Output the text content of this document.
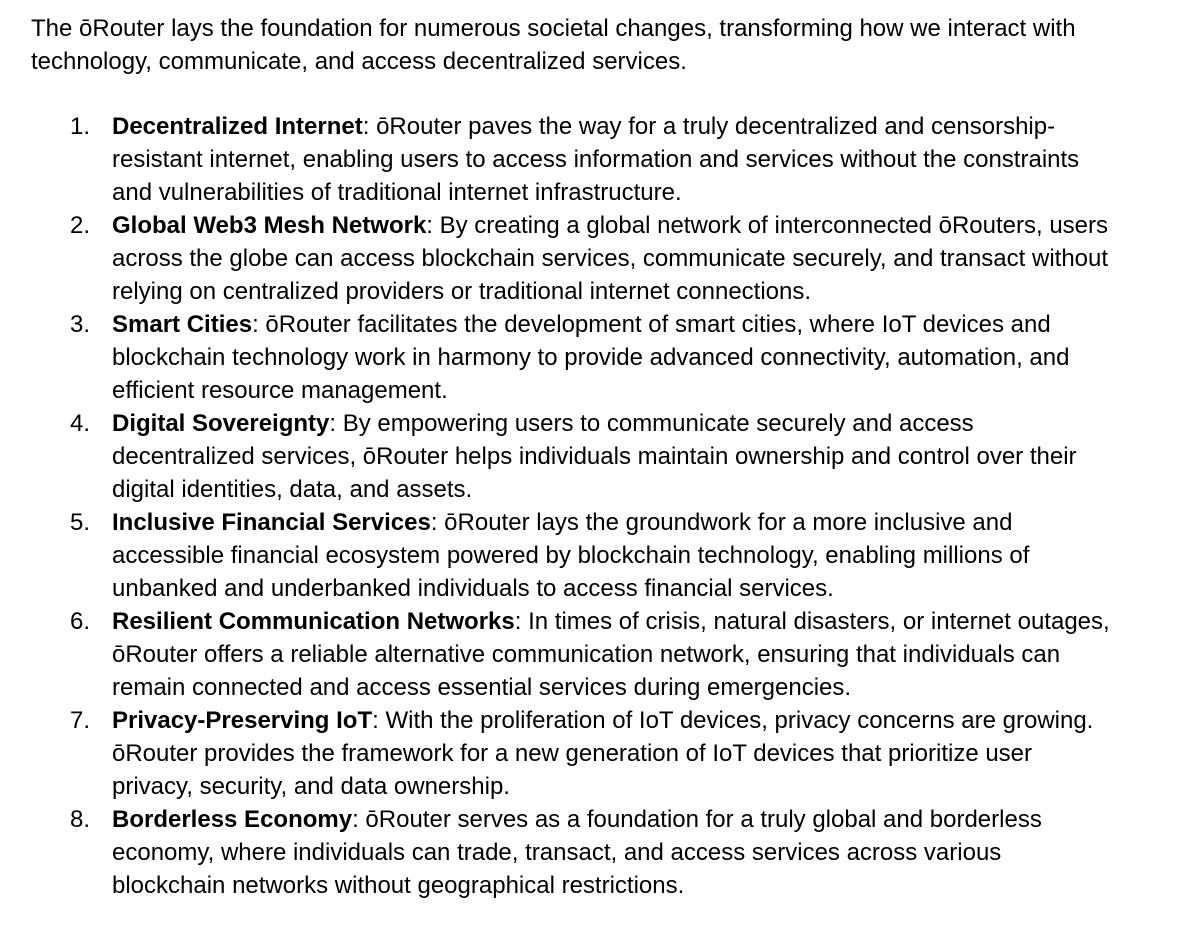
The ōRouter lays the foundation for numerous societal changes, transforming how we interact with technology, communicate, and access decentralized services.

1. Decentralized Internet: ōRouter paves the way for a truly decentralized and censorship-resistant internet, enabling users to access information and services without the constraints and vulnerabilities of traditional internet infrastructure.
2. Global Web3 Mesh Network: By creating a global network of interconnected ōRouters, users across the globe can access blockchain services, communicate securely, and transact without relying on centralized providers or traditional internet connections.
3. Smart Cities: ōRouter facilitates the development of smart cities, where IoT devices and blockchain technology work in harmony to provide advanced connectivity, automation, and efficient resource management.
4. Digital Sovereignty: By empowering users to communicate securely and access decentralized services, ōRouter helps individuals maintain ownership and control over their digital identities, data, and assets.
5. Inclusive Financial Services: ōRouter lays the groundwork for a more inclusive and accessible financial ecosystem powered by blockchain technology, enabling millions of unbanked and underbanked individuals to access financial services.
6. Resilient Communication Networks: In times of crisis, natural disasters, or internet outages, ōRouter offers a reliable alternative communication network, ensuring that individuals can remain connected and access essential services during emergencies.
7. Privacy-Preserving IoT: With the proliferation of IoT devices, privacy concerns are growing. ōRouter provides the framework for a new generation of IoT devices that prioritize user privacy, security, and data ownership.
8. Borderless Economy: ōRouter serves as a foundation for a truly global and borderless economy, where individuals can trade, transact, and access services across various blockchain networks without geographical restrictions.
